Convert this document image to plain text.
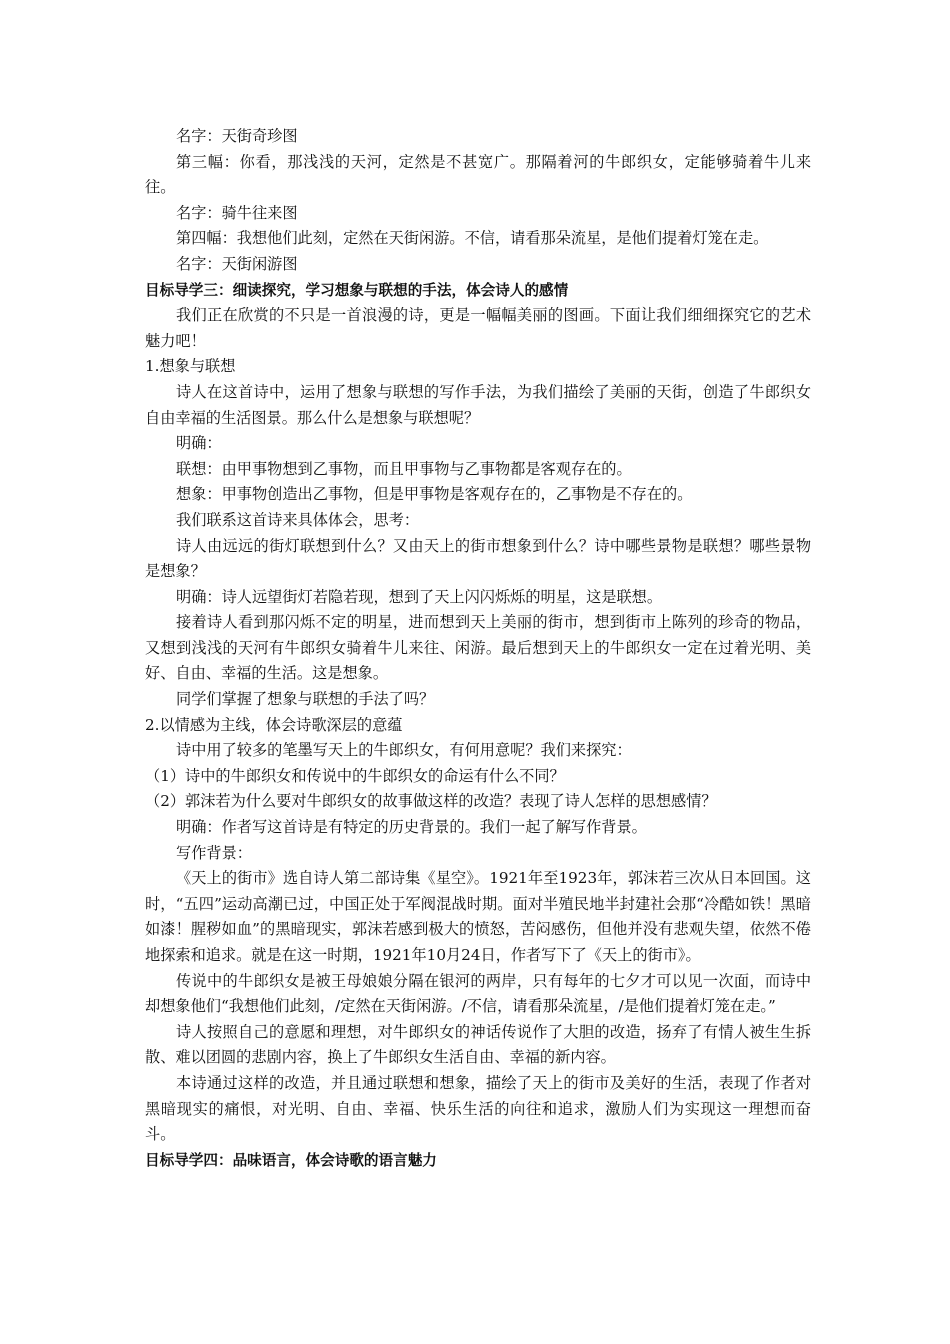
名字：天街奇珍图

第三幅：你看，那浅浅的天河，定然是不甚宽广。那隔着河的牛郎织女，定能够骑着牛儿来往。

名字：骑牛往来图

第四幅：我想他们此刻，定然在天街闲游。不信，请看那朵流星，是他们提着灯笼在走。

名字：天街闲游图

目标导学三：细读探究，学习想象与联想的手法，体会诗人的感情

我们正在欣赏的不只是一首浪漫的诗，更是一幅幅美丽的图画。下面让我们细细探究它的艺术魅力吧！

1.想象与联想

诗人在这首诗中，运用了想象与联想的写作手法，为我们描绘了美丽的天街，创造了牛郎织女自由幸福的生活图景。那么什么是想象与联想呢？

明确：

联想：由甲事物想到乙事物，而且甲事物与乙事物都是客观存在的。

想象：甲事物创造出乙事物，但是甲事物是客观存在的，乙事物是不存在的。

我们联系这首诗来具体体会，思考：

诗人由远远的街灯联想到什么？又由天上的街市想象到什么？诗中哪些景物是联想？哪些景物是想象？

明确：诗人远望街灯若隐若现，想到了天上闪闪烁烁的明星，这是联想。

接着诗人看到那闪烁不定的明星，进而想到天上美丽的街市，想到街市上陈列的珍奇的物品，又想到浅浅的天河有牛郎织女骑着牛儿来往、闲游。最后想到天上的牛郎织女一定在过着光明、美好、自由、幸福的生活。这是想象。

同学们掌握了想象与联想的手法了吗？

2.以情感为主线，体会诗歌深层的意蕴

诗中用了较多的笔墨写天上的牛郎织女，有何用意呢？我们来探究：

（1）诗中的牛郎织女和传说中的牛郎织女的命运有什么不同？

（2）郭沫若为什么要对牛郎织女的故事做这样的改造？表现了诗人怎样的思想感情？

明确：作者写这首诗是有特定的历史背景的。我们一起了解写作背景。

写作背景：

《天上的街市》选自诗人第二部诗集《星空》。1921年至1923年，郭沫若三次从日本回国。这时，“五四”运动高潮已过，中国正处于军阀混战时期。面对半殖民地半封建社会那“冷酷如铁！黑暗如漆！腥秽如血”的黑暗现实，郭沫若感到极大的愤怒，苦闷感伤，但他并没有悲观失望，依然不倦地探索和追求。就是在这一时期，1921年10月24日，作者写下了《天上的街市》。

传说中的牛郎织女是被王母娘娘分隔在银河的两岸，只有每年的七夕才可以见一次面，而诗中却想象他们“我想他们此刻，/定然在天街闲游。/不信，请看那朵流星，/是他们提着灯笼在走。”

诗人按照自己的意愿和理想，对牛郎织女的神话传说作了大胆的改造，扬弃了有情人被生生拆散、难以团圆的悲剧内容，换上了牛郎织女生活自由、幸福的新内容。

本诗通过这样的改造，并且通过联想和想象，描绘了天上的街市及美好的生活，表现了作者对黑暗现实的痛恨，对光明、自由、幸福、快乐生活的向往和追求，激励人们为实现这一理想而奋斗。

目标导学四：品味语言，体会诗歌的语言魅力
